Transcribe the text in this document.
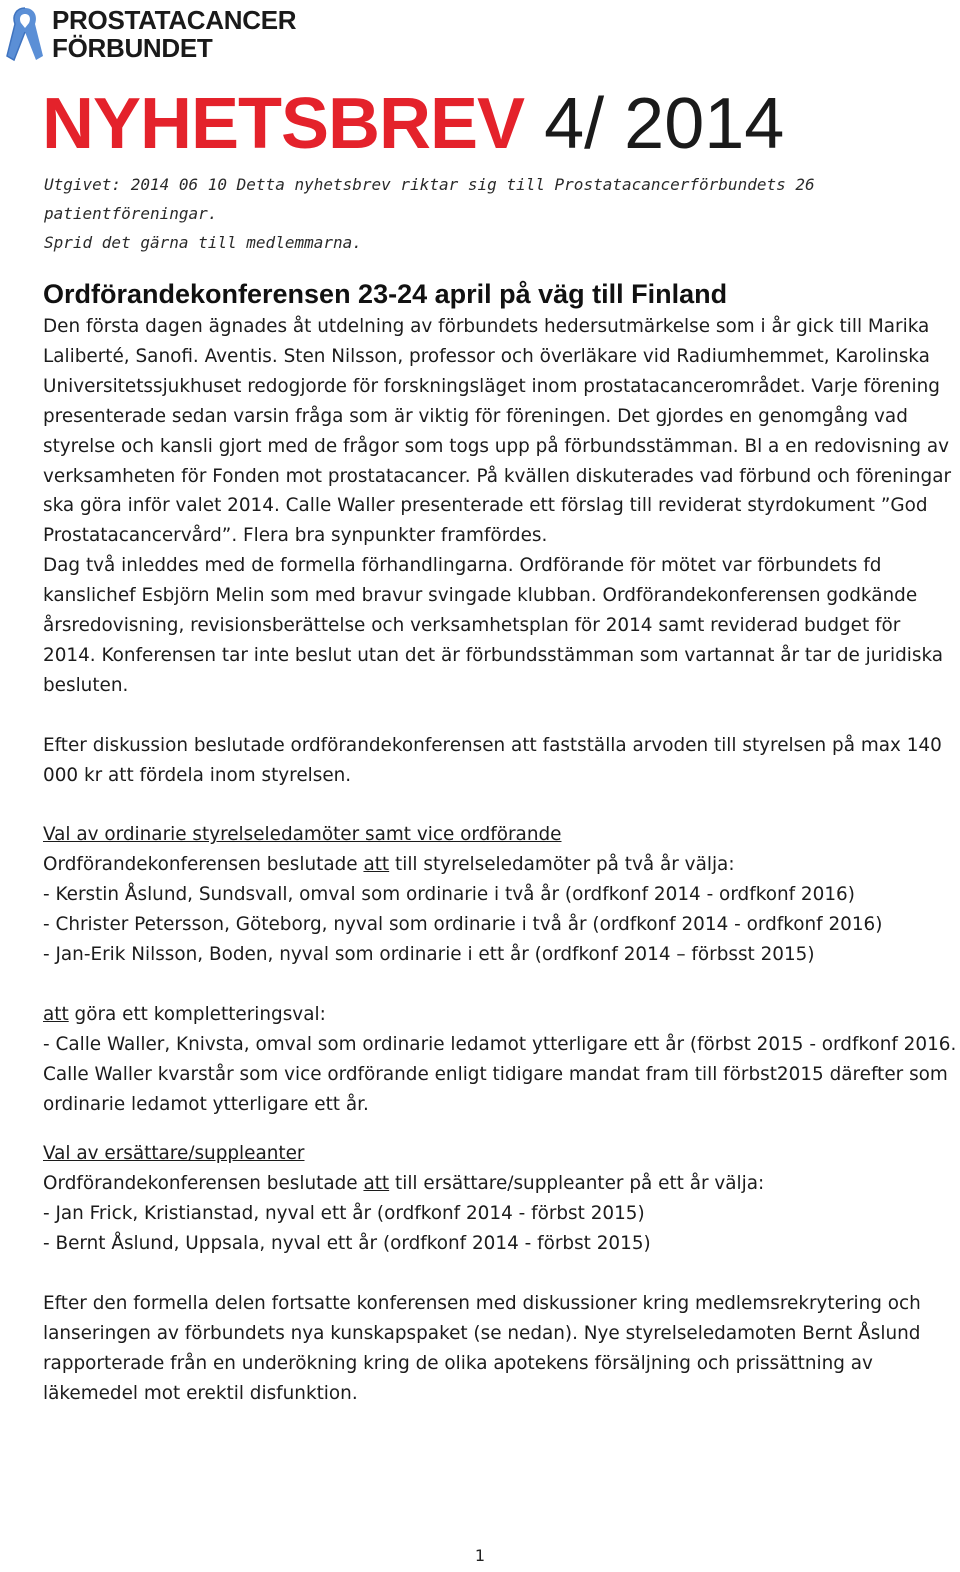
PROSTATACANCER
FÖRBUNDET
NYHETSBREV 4/ 2014
Utgivet: 2014 06 10 Detta nyhetsbrev riktar sig till Prostatacancerförbundets 26 patientföreningar.
Sprid det gärna till medlemmarna.
Ordförandekonferensen 23-24 april på väg till Finland

Den första dagen ägnades åt utdelning av förbundets hedersutmärkelse som i år gick till Marika Laliberté, Sanofi. Aventis. Sten Nilsson, professor och överläkare vid Radiumhemmet, Karolinska Universitetssjukhuset redogjorde för forskningsläget inom prostatacancerområdet. Varje förening presenterade sedan varsin fråga som är viktig för föreningen. Det gjordes en genomgång vad styrelse och kansli gjort med de frågor som togs upp på förbundsstämman. Bl a en redovisning av verksamheten för Fonden mot prostatacancer. På kvällen diskuterades vad förbund och föreningar ska göra inför valet 2014. Calle Waller presenterade ett förslag till reviderat styrdokument ”God Prostatacancervård”. Flera bra synpunkter framfördes.

Dag två inleddes med de formella förhandlingarna. Ordförande för mötet var förbundets fd kanslichef Esbjörn Melin som med bravur svingade klubban. Ordförandekonferensen godkände årsredovisning, revisionsberättelse och verksamhetsplan för 2014 samt reviderad budget för 2014. Konferensen tar inte beslut utan det är förbundsstämman som vartannat år tar de juridiska besluten.

Efter diskussion beslutade ordförandekonferensen att fastställa arvoden till styrelsen på max 140 000 kr att fördela inom styrelsen.

Val av ordinarie styrelseledamöter samt vice ordförande

Ordförandekonferensen beslutade att till styrelseledamöter på två år välja:

- Kerstin Åslund, Sundsvall, omval som ordinarie i två år (ordfkonf 2014 - ordfkonf 2016)

- Christer Petersson, Göteborg, nyval som ordinarie i två år (ordfkonf 2014 - ordfkonf 2016)

- Jan-Erik Nilsson, Boden, nyval som ordinarie i ett år (ordfkonf 2014 – förbsst 2015)

att göra ett kompletteringsval:

- Calle Waller, Knivsta, omval som ordinarie ledamot ytterligare ett år (förbst 2015 - ordfkonf 2016.

Calle Waller kvarstår som vice ordförande enligt tidigare mandat fram till förbst2015 därefter som ordinarie ledamot ytterligare ett år.

Val av ersättare/suppleanter

Ordförandekonferensen beslutade att till ersättare/suppleanter på ett år välja:

- Jan Frick, Kristianstad, nyval ett år (ordfkonf 2014 - förbst 2015)

- Bernt Åslund, Uppsala, nyval ett år (ordfkonf 2014 - förbst 2015)

Efter den formella delen fortsatte konferensen med diskussioner kring medlemsrekrytering och lanseringen av förbundets nya kunskapspaket (se nedan). Nye styrelseledamoten Bernt Åslund rapporterade från en underökning kring de olika apotekens försäljning och prissättning av läkemedel mot erektil disfunktion.

1
